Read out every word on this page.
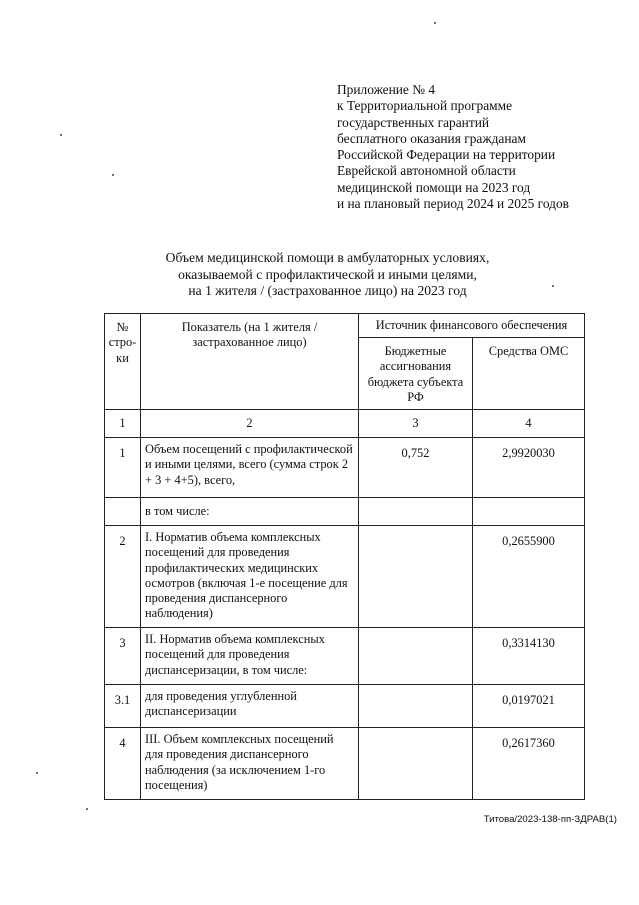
Приложение № 4
к Территориальной программе
государственных гарантий
бесплатного оказания гражданам
Российской Федерации на территории
Еврейской автономной области
медицинской помощи на 2023 год
и на плановый период 2024 и 2025 годов
Объем медицинской помощи в амбулаторных условиях,
оказываемой с профилактической и иными целями,
на 1 жителя / (застрахованное лицо) на 2023 год
№ стро- ки	Показатель (на 1 жителя / застрахованное лицо)	Источник финансового обеспечения	

		Бюджетные ассигнования бюджета субъекта РФ	Средства ОМС
1	2	3	4
1	Объем посещений с профилактической и иными целями, всего (сумма строк 2 + 3 + 4+5), всего,	0,752	2,9920030
	в том числе:		
2	I. Норматив объема комплексных посещений для проведения профилактических медицинских осмотров (включая 1-е посещение для проведения диспансерного наблюдения)		0,2655900
3	II. Норматив объема комплексных посещений для проведения диспансеризации, в том числе:		0,3314130
3.1	для проведения углубленной диспансеризации		0,0197021
4	III. Объем комплексных посещений для проведения диспансерного наблюдения (за исключением 1-го посещения)		0,2617360
Титова/2023-138-пп-ЗДРАВ(1)
